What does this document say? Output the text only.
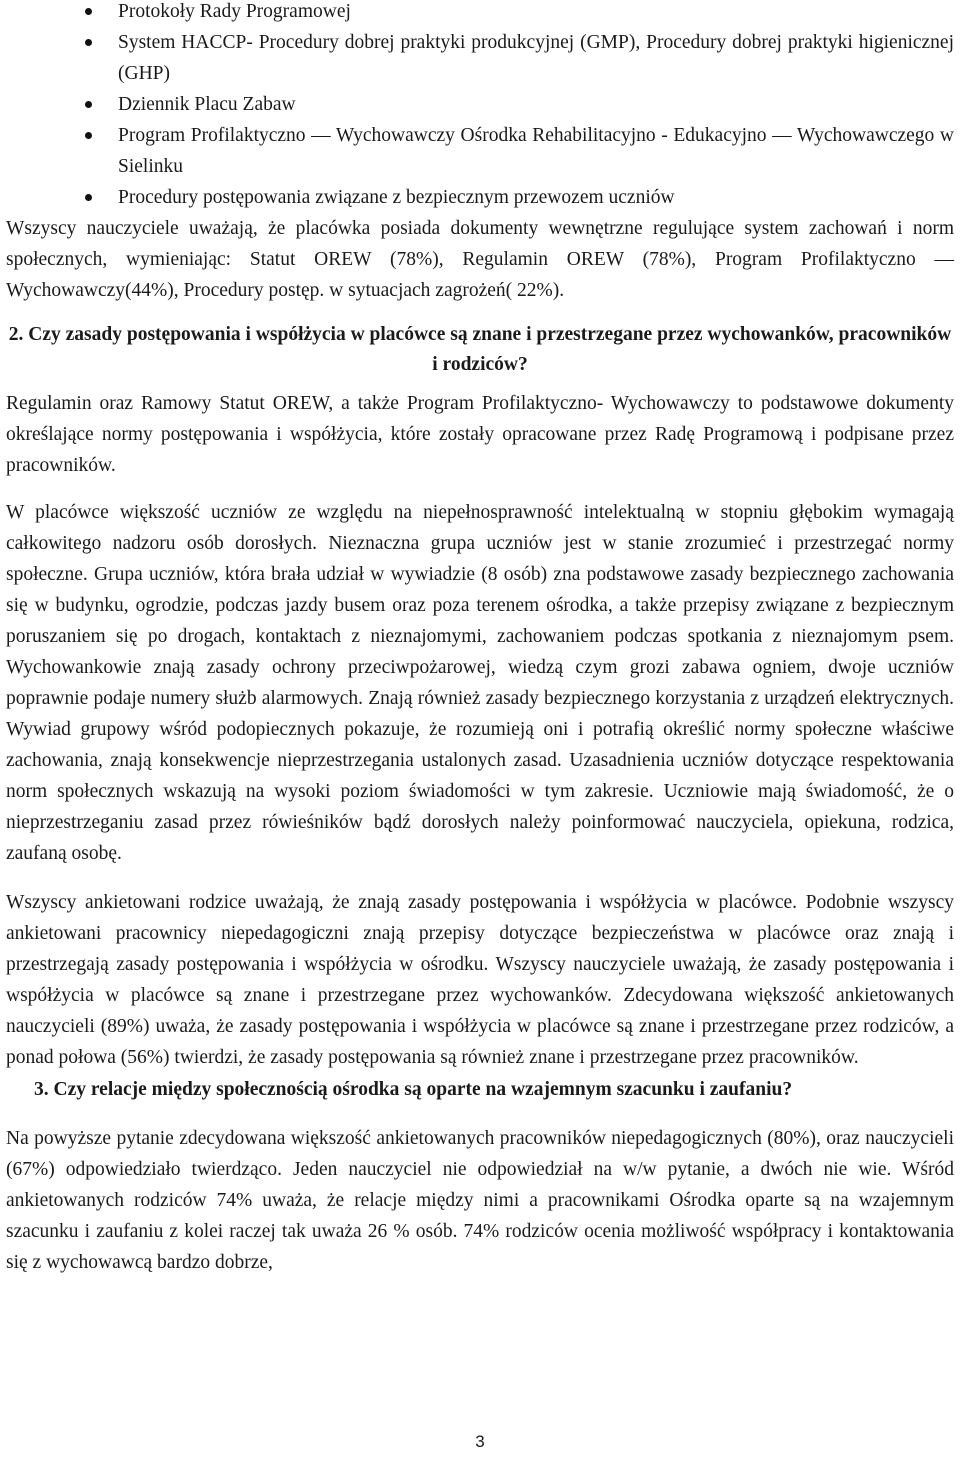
Protokoły Rady Programowej
System HACCP- Procedury dobrej praktyki produkcyjnej (GMP), Procedury dobrej praktyki higienicznej (GHP)
Dziennik Placu Zabaw
Program Profilaktyczno ― Wychowawczy Ośrodka Rehabilitacyjno - Edukacyjno ― Wychowawczego w Sielinku
Procedury postępowania związane z bezpiecznym przewozem uczniów

Wszyscy nauczyciele uważają, że placówka posiada dokumenty wewnętrzne regulujące system zachowań i norm społecznych, wymieniając: Statut OREW (78%), Regulamin OREW (78%), Program Profilaktyczno ― Wychowawczy(44%), Procedury postęp. w sytuacjach zagrożeń( 22%).

2. Czy zasady postępowania i współżycia w placówce są znane i przestrzegane przez wychowanków, pracowników i rodziców?

Regulamin oraz Ramowy Statut OREW, a także Program Profilaktyczno- Wychowawczy to podstawowe dokumenty określające normy postępowania i współżycia, które zostały opracowane przez Radę Programową i podpisane przez pracowników.

W placówce większość uczniów ze względu na niepełnosprawność intelektualną w stopniu głębokim wymagają całkowitego nadzoru osób dorosłych. Nieznaczna grupa uczniów jest w stanie zrozumieć i przestrzegać normy społeczne. Grupa uczniów, która brała udział w wywiadzie (8 osób) zna podstawowe zasady bezpiecznego zachowania się w budynku, ogrodzie, podczas jazdy busem oraz poza terenem ośrodka, a także przepisy związane z bezpiecznym poruszaniem się po drogach, kontaktach z nieznajomymi, zachowaniem podczas spotkania z nieznajomym psem. Wychowankowie znają zasady ochrony przeciwpożarowej, wiedzą czym grozi zabawa ogniem, dwoje uczniów poprawnie podaje numery służb alarmowych. Znają również zasady bezpiecznego korzystania z urządzeń elektrycznych. Wywiad grupowy wśród podopiecznych pokazuje, że rozumieją oni i potrafią określić normy społeczne właściwe zachowania, znają konsekwencje nieprzestrzegania ustalonych zasad. Uzasadnienia uczniów dotyczące respektowania norm społecznych wskazują na wysoki poziom świadomości w tym zakresie. Uczniowie mają świadomość, że o nieprzestrzeganiu zasad przez rówieśników bądź dorosłych należy poinformować nauczyciela, opiekuna, rodzica, zaufaną osobę.

Wszyscy ankietowani rodzice uważają, że znają zasady postępowania i współżycia w placówce. Podobnie wszyscy ankietowani pracownicy niepedagogiczni znają przepisy dotyczące bezpieczeństwa w placówce oraz znają i przestrzegają zasady postępowania i współżycia w ośrodku. Wszyscy nauczyciele uważają, że zasady postępowania i współżycia w placówce są znane i przestrzegane przez wychowanków. Zdecydowana większość ankietowanych nauczycieli (89%) uważa, że zasady postępowania i współżycia w placówce są znane i przestrzegane przez rodziców, a ponad połowa (56%) twierdzi, że zasady postępowania są również znane i przestrzegane przez pracowników.

3. Czy relacje między społecznością ośrodka są oparte na wzajemnym szacunku i zaufaniu?

Na powyższe pytanie zdecydowana większość ankietowanych pracowników niepedagogicznych (80%), oraz nauczycieli (67%) odpowiedziało twierdząco. Jeden nauczyciel nie odpowiedział na w/w pytanie, a dwóch nie wie. Wśród ankietowanych rodziców 74% uważa, że relacje między nimi a pracownikami Ośrodka oparte są na wzajemnym szacunku i zaufaniu z kolei raczej tak uważa 26 % osób. 74% rodziców ocenia możliwość współpracy i kontaktowania się z wychowawcą bardzo dobrze,

3
